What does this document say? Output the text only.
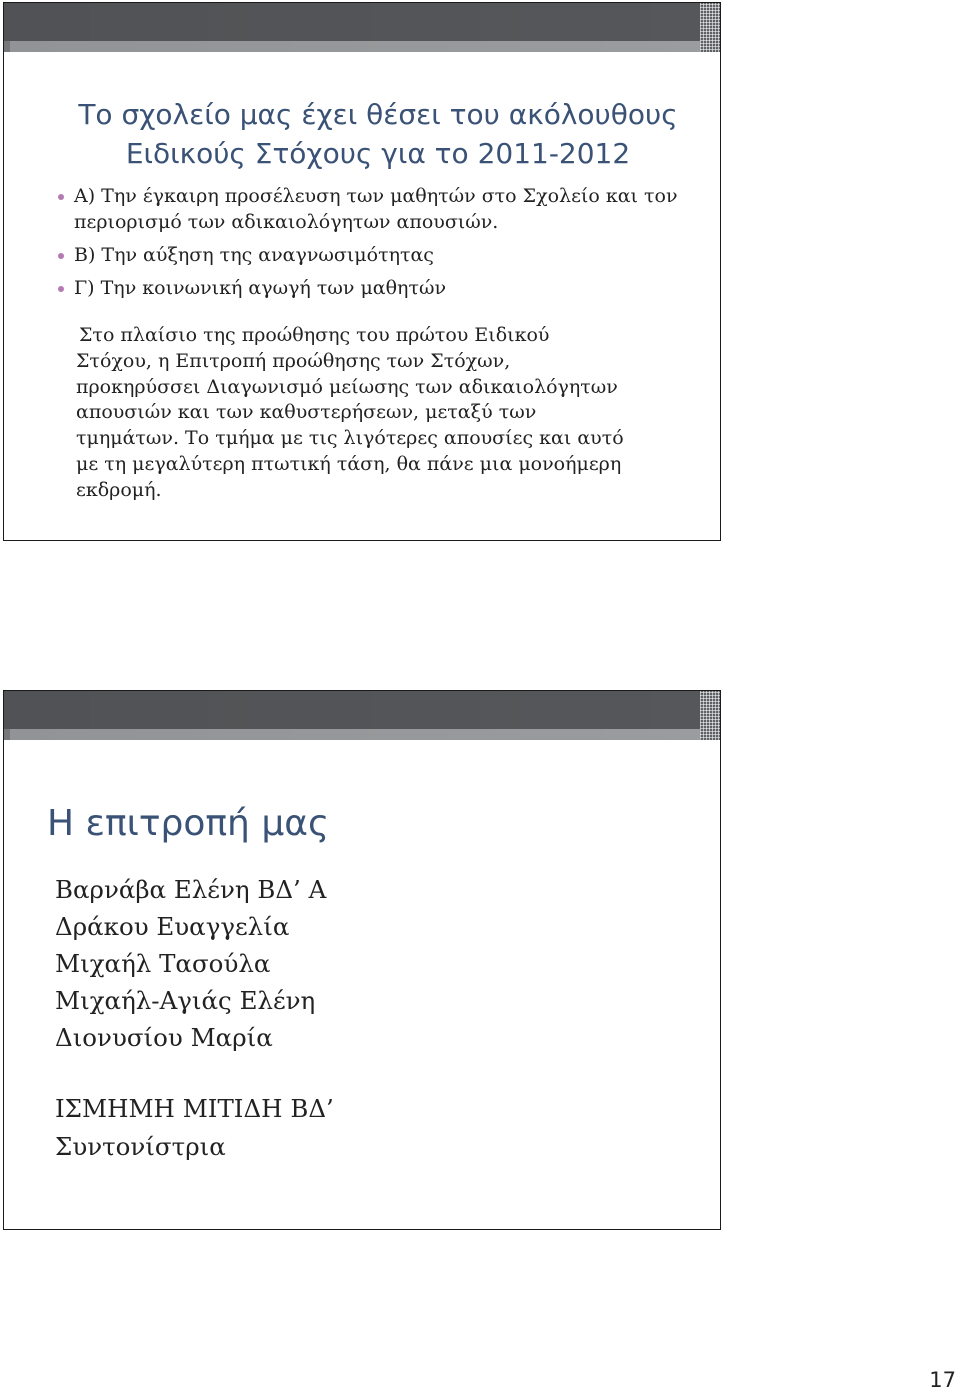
Το σχολείο μας έχει θέσει του ακόλουθους
Ειδικούς Στόχους για το 2011-2012
Α) Την έγκαιρη προσέλευση των μαθητών στο Σχολείο και τον περιορισμό των αδικαιολόγητων απουσιών.
Β) Την αύξηση της αναγνωσιμότητας
Γ) Την κοινωνική αγωγή των μαθητών

Στο πλαίσιο της προώθησης του πρώτου Ειδικού
Στόχου, η Επιτροπή προώθησης των Στόχων,
προκηρύσσει Διαγωνισμό μείωσης των αδικαιολόγητων
απουσιών και των καθυστερήσεων, μεταξύ των
τμημάτων. Το τμήμα με τις λιγότερες απουσίες και αυτό
με τη μεγαλύτερη πτωτική τάση, θα πάνε μια μονοήμερη
εκδρομή.

Η επιτροπή μας
Βαρνάβα Ελένη ΒΔ’ Α
Δράκου Ευαγγελία
Μιχαήλ Τασούλα
Μιχαήλ-Αγιάς Ελένη
Διονυσίου Μαρία
ΙΣΜΗΜΗ ΜΙΤΙΔΗ ΒΔ’
Συντονίστρια
17
